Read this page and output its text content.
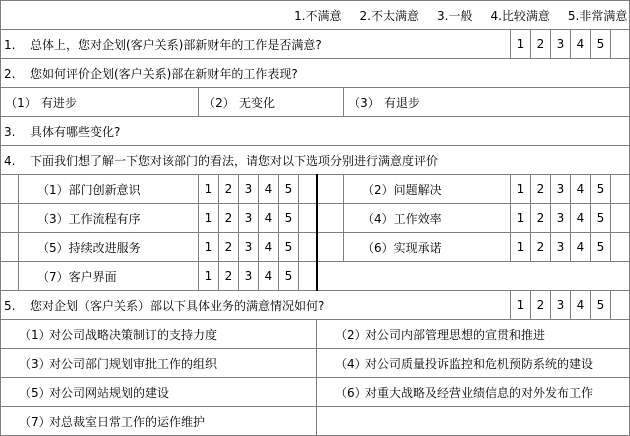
1.不满意 2.不太满意 3.一般 4.比较满意 5.非常满意															
1. 总体上，您对企划(客户关系)部新财年的工作是否满意?										1	2	3	4	5	
2. 您如何评价企划(客户关系)部在新财年的工作表现?															
（1） 有进步		（2） 无变化							（3） 有退步						
3. 具体有哪些变化?															
4. 下面我们想了解一下您对该部门的看法，请您对以下选项分别进行满意度评价															
	（1）部门创新意识	1	2	3	4	5			（2）问题解决	1	2	3	4	5	
	（3）工作流程有序	1	2	3	4	5			（4）工作效率	1	2	3	4	5	
	（5）持续改进服务	1	2	3	4	5			（6）实现承诺	1	2	3	4	5	
	（7）客户界面	1	2	3	4	5									
5. 您对企划（客户关系）部以下具体业务的满意情况如何?										1	2	3	4	5	
（1）对公司战略决策制订的支持力度								（2）对公司内部管理思想的宣贯和推进							
（3）对公司部门规划审批工作的组织								（4）对公司质量投诉监控和危机预防系统的建设							
（5）对公司网站规划的建设								（6）对重大战略及经营业绩信息的对外发布工作							
（7）对总裁室日常工作的运作维护															
